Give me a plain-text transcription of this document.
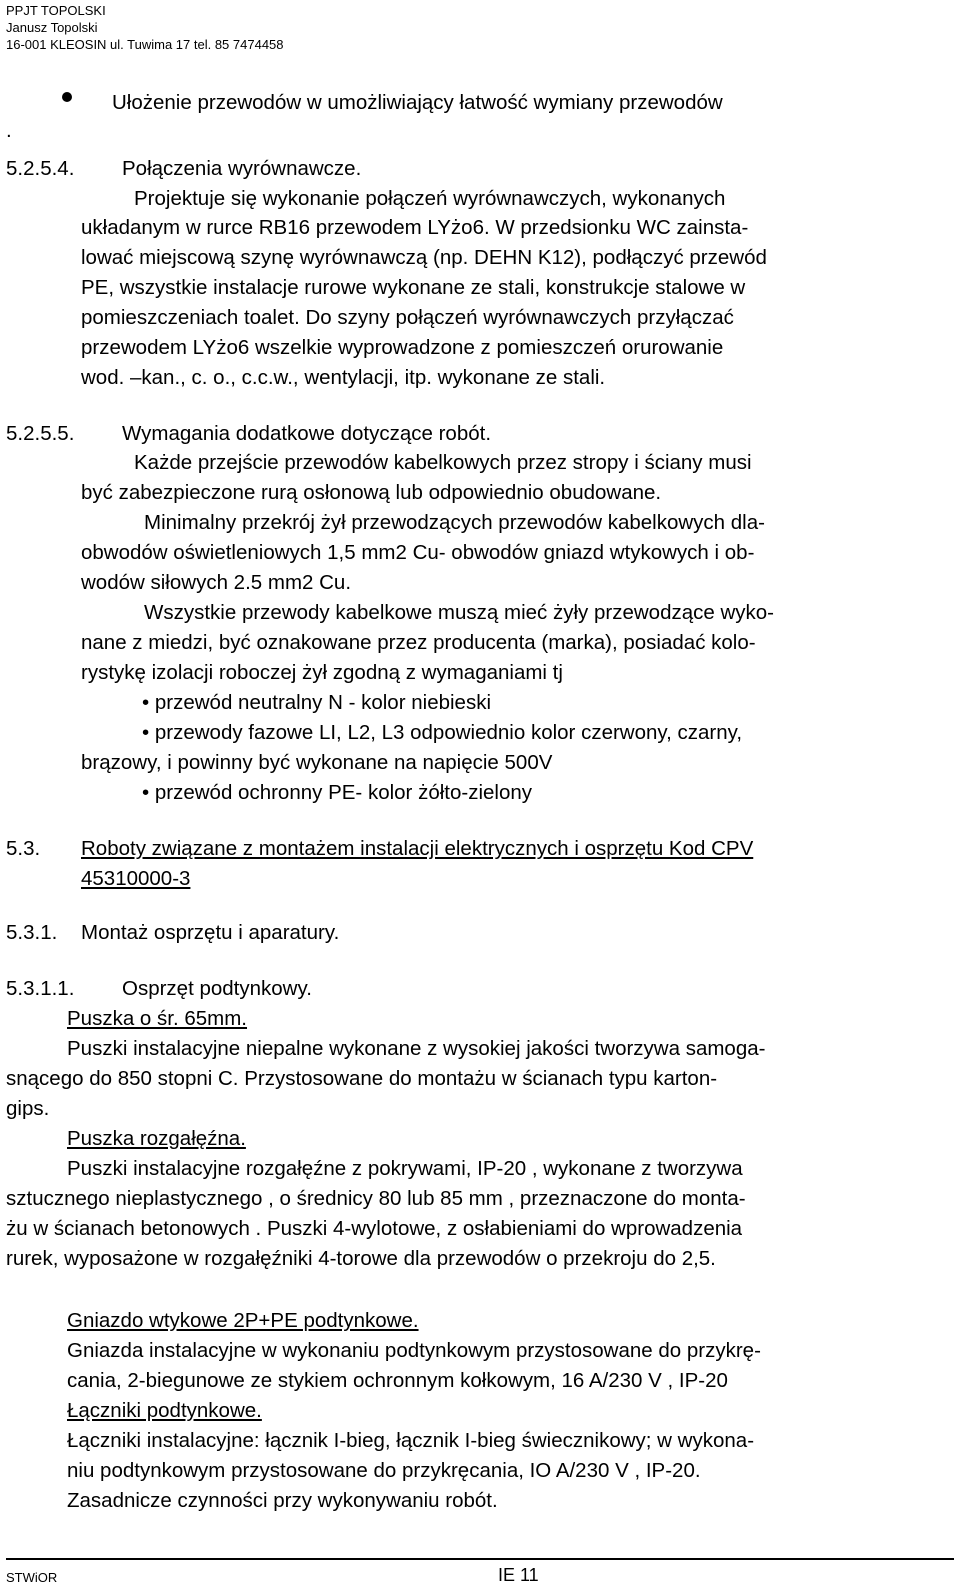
PPJT TOPOLSKI
Janusz Topolski
16-001 KLEOSIN ul. Tuwima 17 tel. 85 7474458
Ułożenie przewodów w umożliwiający łatwość wymiany przewodów
.
5.2.5.4. Połączenia wyrównawcze.
Projektuje się wykonanie połączeń wyrównawczych, wykonanych
układanym w rurce RB16 przewodem LYżo6. W przedsionku WC zainsta-
lować miejscową szynę wyrównawczą (np. DEHN K12), podłączyć przewód
PE, wszystkie instalacje rurowe wykonane ze stali, konstrukcje stalowe w
pomieszczeniach toalet. Do szyny połączeń wyrównawczych przyłączać
przewodem LYżo6 wszelkie wyprowadzone z pomieszczeń orurowanie
wod. –kan., c. o., c.c.w., wentylacji, itp. wykonane ze stali.
5.2.5.5. Wymagania dodatkowe dotyczące robót.
Każde przejście przewodów kabelkowych przez stropy i ściany musi
być zabezpieczone rurą osłonową lub odpowiednio obudowane.
Minimalny przekrój żył przewodzących przewodów kabelkowych dla-
obwodów oświetleniowych 1,5 mm2 Cu- obwodów gniazd wtykowych i ob-
wodów siłowych 2.5 mm2 Cu.
Wszystkie przewody kabelkowe muszą mieć żyły przewodzące wyko-
nane z miedzi, być oznakowane przez producenta (marka), posiadać kolo-
rystykę izolacji roboczej żył zgodną z wymaganiami tj
• przewód neutralny N - kolor niebieski
• przewody fazowe LI, L2, L3 odpowiednio kolor czerwony, czarny,
brązowy, i powinny być wykonane na napięcie 500V
• przewód ochronny PE- kolor żółto-zielony
5.3. Roboty związane z montażem instalacji elektrycznych i osprzętu Kod CPV
45310000-3
5.3.1. Montaż osprzętu i aparatury.
5.3.1.1. Osprzęt podtynkowy.
Puszka o śr. 65mm.
Puszki instalacyjne niepalne wykonane z wysokiej jakości tworzywa samoga-
snącego do 850 stopni C. Przystosowane do montażu w ścianach typu karton-
gips.
Puszka rozgałęźna.
Puszki instalacyjne rozgałęźne z pokrywami, IP-20 , wykonane z tworzywa
sztucznego nieplastycznego , o średnicy 80 lub 85 mm , przeznaczone do monta-
żu w ścianach betonowych . Puszki 4-wylotowe, z osłabieniami do wprowadzenia
rurek, wyposażone w rozgałęźniki 4-torowe dla przewodów o przekroju do 2,5.
Gniazdo wtykowe 2P+PE podtynkowe.
Gniazda instalacyjne w wykonaniu podtynkowym przystosowane do przykrę-
cania, 2-biegunowe ze stykiem ochronnym kołkowym, 16 A/230 V , IP-20
Łączniki podtynkowe.
Łączniki instalacyjne: łącznik I-bieg, łącznik I-bieg świecznikowy; w wykona-
niu podtynkowym przystosowane do przykręcania, IO A/230 V , IP-20.
Zasadnicze czynności przy wykonywaniu robót.
STWiOR	IE 11
